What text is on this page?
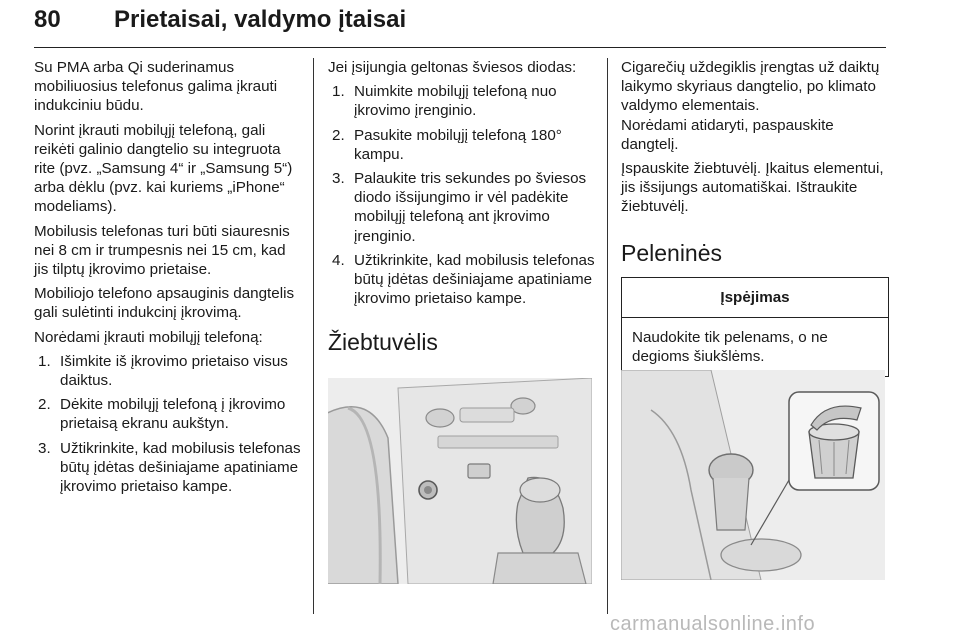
80 Prietaisai, valdymo įtaisai

Su PMA arba Qi suderinamus mobiliuosius telefonus galima įkrauti indukciniu būdu.

Norint įkrauti mobilųjį telefoną, gali reikėti galinio dangtelio su integruota rite (pvz. „Samsung 4“ ir „Samsung 5“) arba dėklu (pvz. kai kuriems „iPhone“ modeliams).

Mobilusis telefonas turi būti siauresnis nei 8 cm ir trumpesnis nei 15 cm, kad jis tilptų įkrovimo prietaise.

Mobiliojo telefono apsauginis dangtelis gali sulėtinti indukcinį įkrovimą.

Norėdami įkrauti mobilųjį telefoną:

1. Išimkite iš įkrovimo prietaiso visus daiktus.
2. Dėkite mobilųjį telefoną į įkrovimo prietaisą ekranu aukštyn.
3. Užtikrinkite, kad mobilusis telefonas būtų įdėtas dešiniajame apatiniame įkrovimo prietaiso kampe.

Jei įsijungia geltonas šviesos diodas:

1. Nuimkite mobilųjį telefoną nuo įkrovimo įrenginio.
2. Pasukite mobilųjį telefoną 180° kampu.
3. Palaukite tris sekundes po šviesos diodo išsijungimo ir vėl padėkite mobilųjį telefoną ant įkrovimo įrenginio.
4. Užtikrinkite, kad mobilusis telefonas būtų įdėtas dešiniajame apatiniame įkrovimo prietaiso kampe.
Žiebtuvėlis

Cigarečių uždegiklis įrengtas už daiktų laikymo skyriaus dangtelio, po klimato valdymo elementais.

Norėdami atidaryti, paspauskite dangtelį.

Įspauskite žiebtuvėlį. Įkaitus elementui, jis išsijungs automatiškai. Ištraukite žiebtuvėlį.

Peleninės
Įspėjimas
Naudokite tik pelenams, o ne degioms šiukšlėms.
carmanualsonline.info
